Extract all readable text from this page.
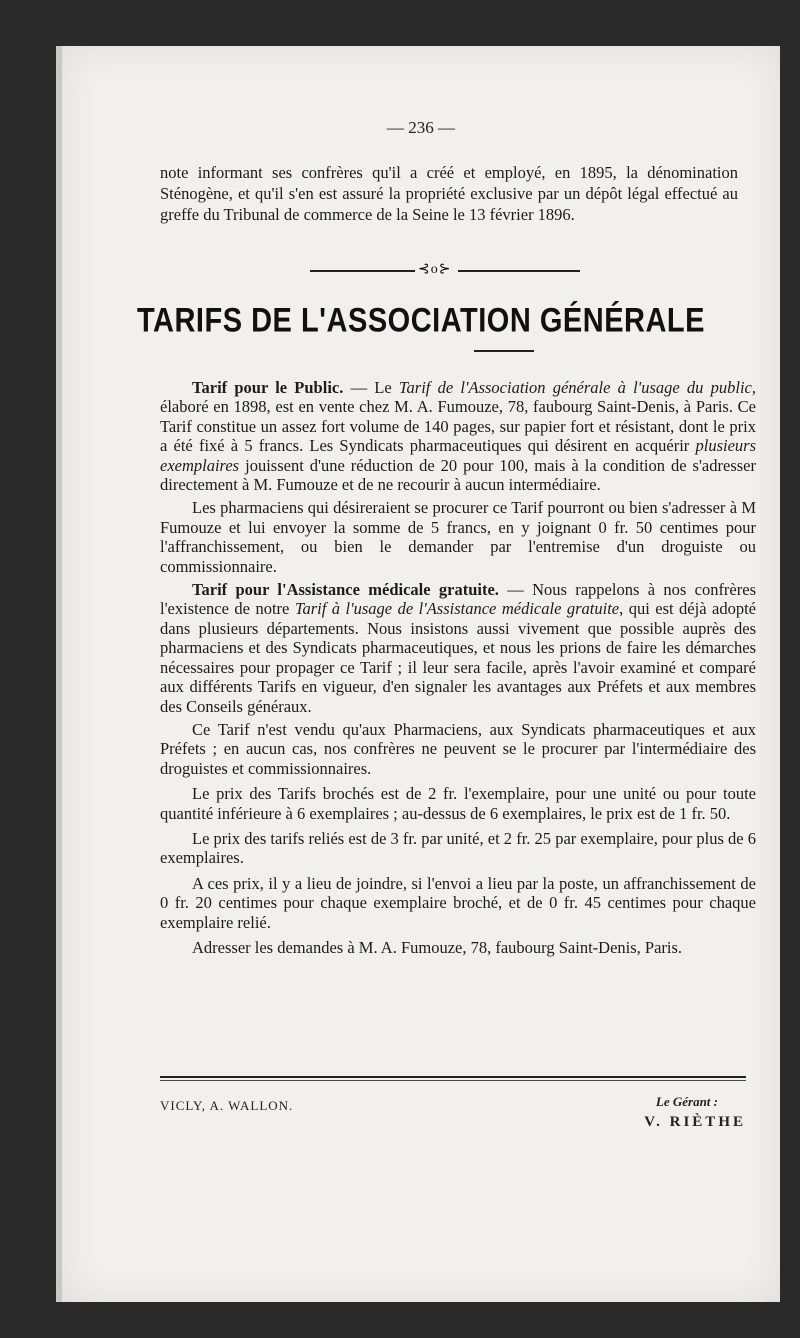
— 236 —

note informant ses confrères qu'il a créé et employé, en 1895, la dénomination Sténogène, et qu'il s'en est assuré la propriété exclusive par un dépôt légal effectué au greffe du Tribunal de commerce de la Seine le 13 février 1896.

⊰o⊱
TARIFS DE L'ASSOCIATION GÉNÉRALE

Tarif pour le Public. — Le Tarif de l'Association générale à l'usage du public, élaboré en 1898, est en vente chez M. A. Fumouze, 78, faubourg Saint-Denis, à Paris. Ce Tarif constitue un assez fort volume de 140 pages, sur papier fort et résistant, dont le prix a été fixé à 5 francs. Les Syndicats pharmaceutiques qui désirent en acquérir plusieurs exemplaires jouissent d'une réduction de 20 pour 100, mais à la condition de s'adresser directement à M. Fumouze et de ne recourir à aucun intermédiaire.

Les pharmaciens qui désireraient se procurer ce Tarif pourront ou bien s'adresser à M Fumouze et lui envoyer la somme de 5 francs, en y joignant 0 fr. 50 centimes pour l'affranchissement, ou bien le demander par l'entremise d'un droguiste ou commissionnaire.

Tarif pour l'Assistance médicale gratuite. — Nous rappelons à nos confrères l'existence de notre Tarif à l'usage de l'Assistance médicale gratuite, qui est déjà adopté dans plusieurs départements. Nous insistons aussi vivement que possible auprès des pharmaciens et des Syndicats pharmaceutiques, et nous les prions de faire les démarches nécessaires pour propager ce Tarif ; il leur sera facile, après l'avoir examiné et comparé aux différents Tarifs en vigueur, d'en signaler les avantages aux Préfets et aux membres des Conseils généraux.

Ce Tarif n'est vendu qu'aux Pharmaciens, aux Syndicats pharmaceutiques et aux Préfets ; en aucun cas, nos confrères ne peuvent se le procurer par l'intermédiaire des droguistes et commissionnaires.

Le prix des Tarifs brochés est de 2 fr. l'exemplaire, pour une unité ou pour toute quantité inférieure à 6 exemplaires ; au-dessus de 6 exemplaires, le prix est de 1 fr. 50.

Le prix des tarifs reliés est de 3 fr. par unité, et 2 fr. 25 par exemplaire, pour plus de 6 exemplaires.

A ces prix, il y a lieu de joindre, si l'envoi a lieu par la poste, un affranchissement de 0 fr. 20 centimes pour chaque exemplaire broché, et de 0 fr. 45 centimes pour chaque exemplaire relié.

Adresser les demandes à M. A. Fumouze, 78, faubourg Saint-Denis, Paris.

VICLY, A. WALLON.	Le Gérant :
V. RIÈTHE
